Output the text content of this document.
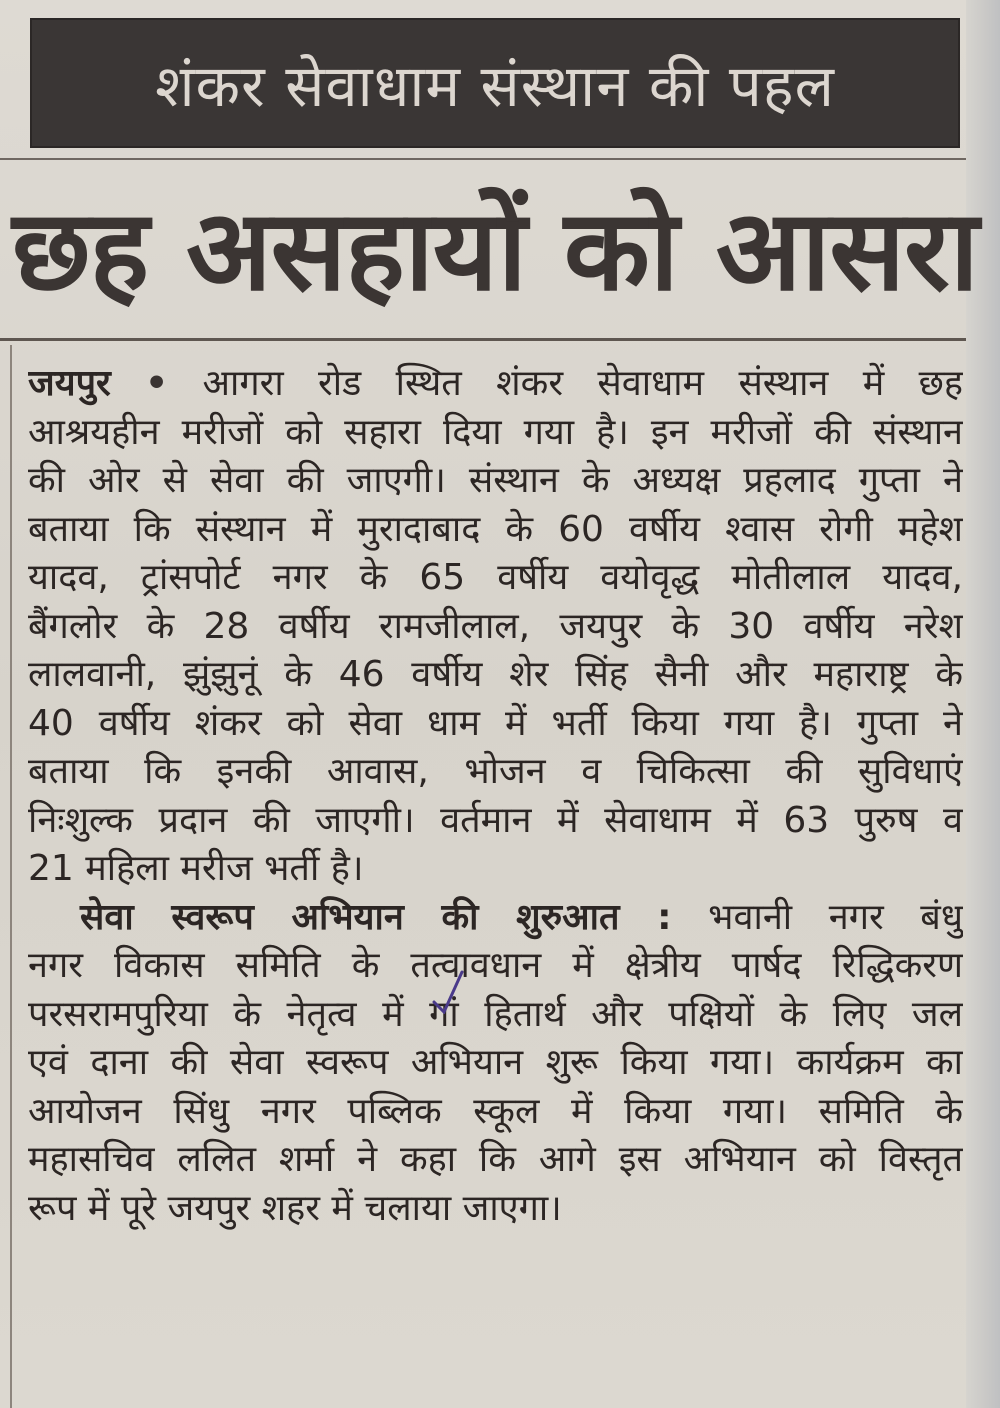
शंकर सेवाधाम संस्थान की पहल
छह असहायों को आसरा
जयपुर • आगरा रोड स्थित शंकर सेवाधाम संस्थान में छह
आश्रयहीन मरीजों को सहारा दिया गया है। इन मरीजों की संस्थान
की ओर से सेवा की जाएगी। संस्थान के अध्यक्ष प्रहलाद गुप्ता ने
बताया कि संस्थान में मुरादाबाद के 60 वर्षीय श्वास रोगी महेश
यादव, ट्रांसपोर्ट नगर के 65 वर्षीय वयोवृद्ध मोतीलाल यादव,
बैंगलोर के 28 वर्षीय रामजीलाल, जयपुर के 30 वर्षीय नरेश
लालवानी, झुंझुनूं के 46 वर्षीय शेर सिंह सैनी और महाराष्ट्र के
40 वर्षीय शंकर को सेवा धाम में भर्ती किया गया है। गुप्ता ने
बताया कि इनकी आवास, भोजन व चिकित्सा की सुविधाएं
निःशुल्क प्रदान की जाएगी। वर्तमान में सेवाधाम में 63 पुरुष व
21 महिला मरीज भर्ती है।
सेवा स्वरूप अभियान की शुरुआत : भवानी नगर बंधु
नगर विकास समिति के तत्वावधान में क्षेत्रीय पार्षद रिद्धिकरण
परसरामपुरिया के नेतृत्व में गां हितार्थ और पक्षियों के लिए जल
एवं दाना की सेवा स्वरूप अभियान शुरू किया गया। कार्यक्रम का
आयोजन सिंधु नगर पब्लिक स्कूल में किया गया। समिति के
महासचिव ललित शर्मा ने कहा कि आगे इस अभियान को विस्तृत
रूप में पूरे जयपुर शहर में चलाया जाएगा।
